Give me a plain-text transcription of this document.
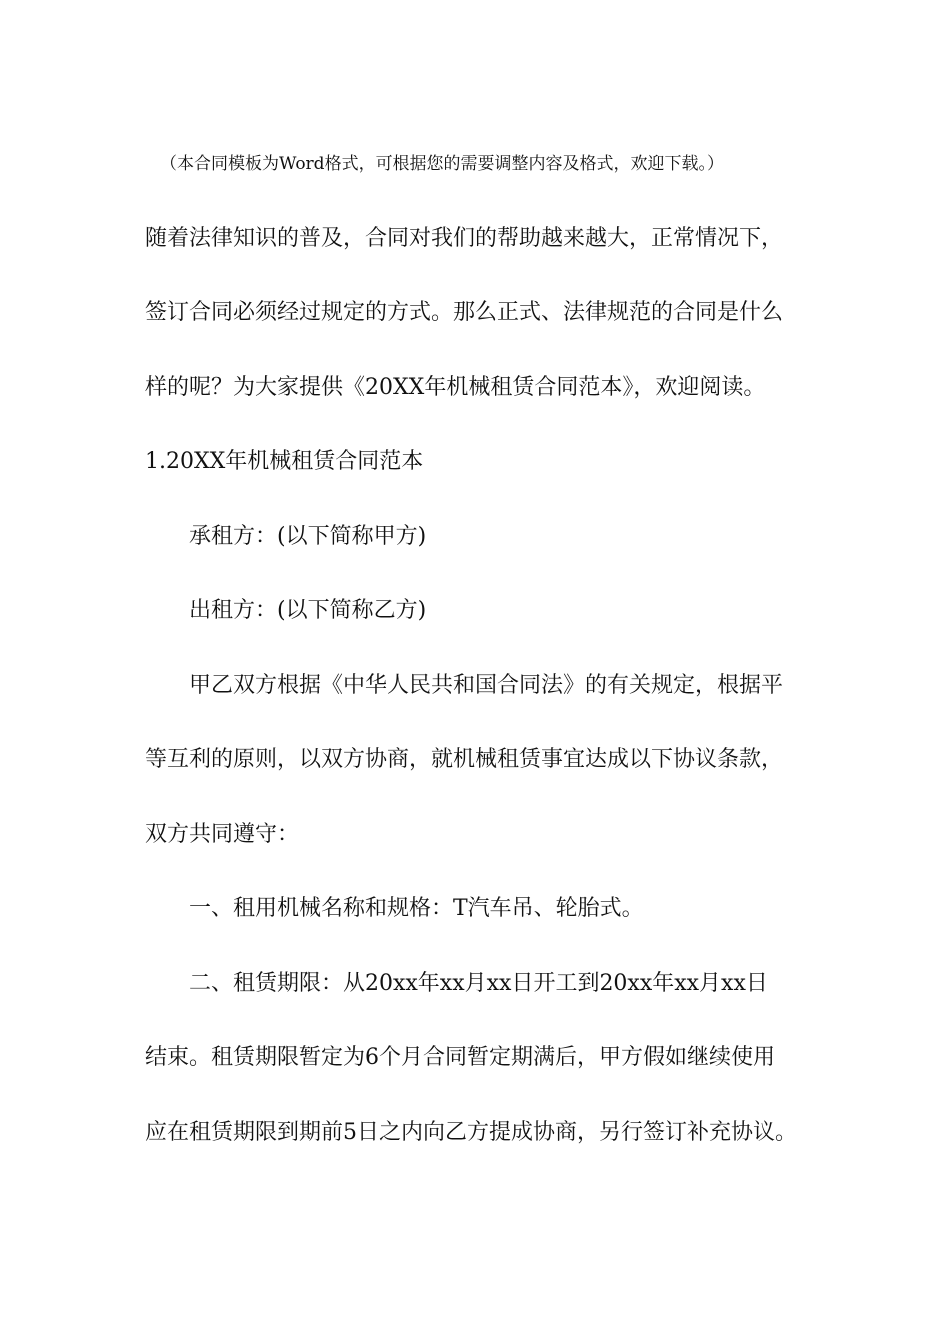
（本合同模板为Word格式，可根据您的需要调整内容及格式，欢迎下载。）
随着法律知识的普及，合同对我们的帮助越来越大，正常情况下，
签订合同必须经过规定的方式。那么正式、法律规范的合同是什么
样的呢？为大家提供《20XX年机械租赁合同范本》，欢迎阅读。
1.20XX年机械租赁合同范本
承租方：(以下简称甲方)
出租方：(以下简称乙方)
甲乙双方根据《中华人民共和国合同法》的有关规定，根据平
等互利的原则，以双方协商，就机械租赁事宜达成以下协议条款，
双方共同遵守：
一、租用机械名称和规格：T汽车吊、轮胎式。
二、租赁期限：从20xx年xx月xx日开工到20xx年xx月xx日
结束。租赁期限暂定为6个月合同暂定期满后，甲方假如继续使用
应在租赁期限到期前5日之内向乙方提成协商，另行签订补充协议。
